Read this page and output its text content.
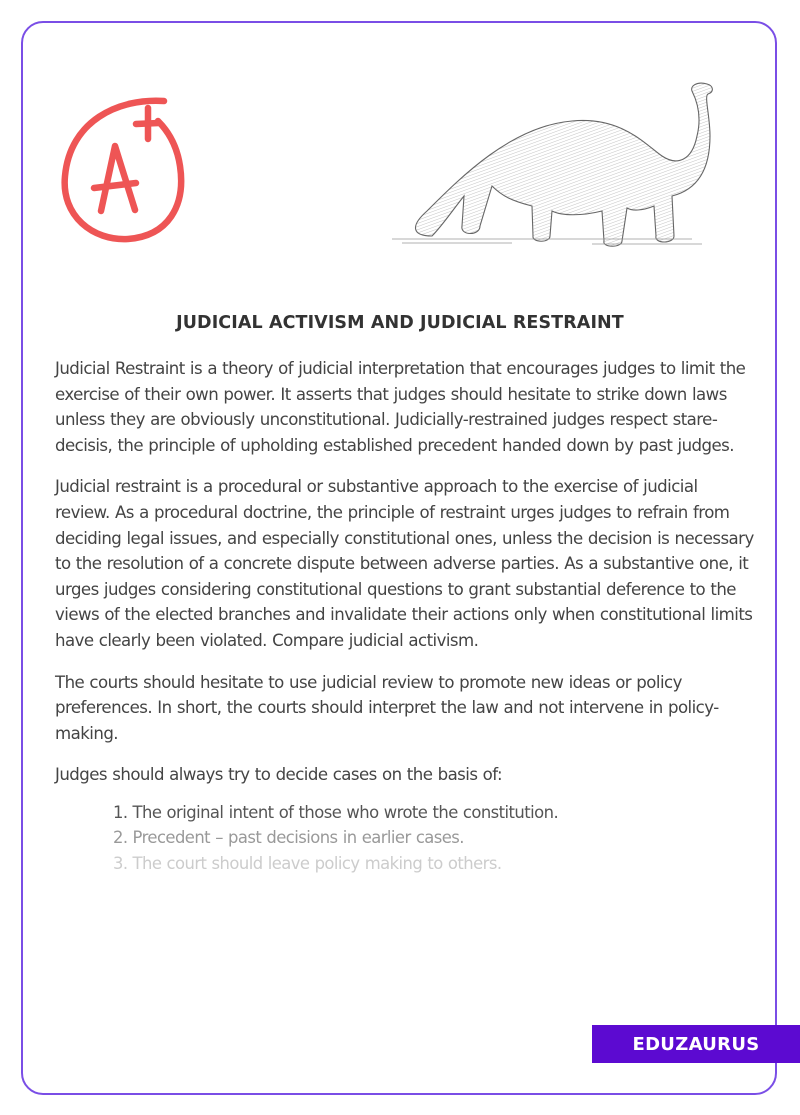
JUDICIAL ACTIVISM AND JUDICIAL RESTRAINT

Judicial Restraint is a theory of judicial interpretation that encourages judges to limit the exercise of their own power. It asserts that judges should hesitate to strike down laws unless they are obviously unconstitutional. Judicially-restrained judges respect stare-decisis, the principle of upholding established precedent handed down by past judges.

Judicial restraint is a procedural or substantive approach to the exercise of judicial review. As a procedural doctrine, the principle of restraint urges judges to refrain from deciding legal issues, and especially constitutional ones, unless the decision is necessary to the resolution of a concrete dispute between adverse parties. As a substantive one, it urges judges considering constitutional questions to grant substantial deference to the views of the elected branches and invalidate their actions only when constitutional limits have clearly been violated. Compare judicial activism.

The courts should hesitate to use judicial review to promote new ideas or policy preferences. In short, the courts should interpret the law and not intervene in policy-making.

Judges should always try to decide cases on the basis of:

1. The original intent of those who wrote the constitution.
2. Precedent – past decisions in earlier cases.
3. The court should leave policy making to others.
EDUZAURUS
